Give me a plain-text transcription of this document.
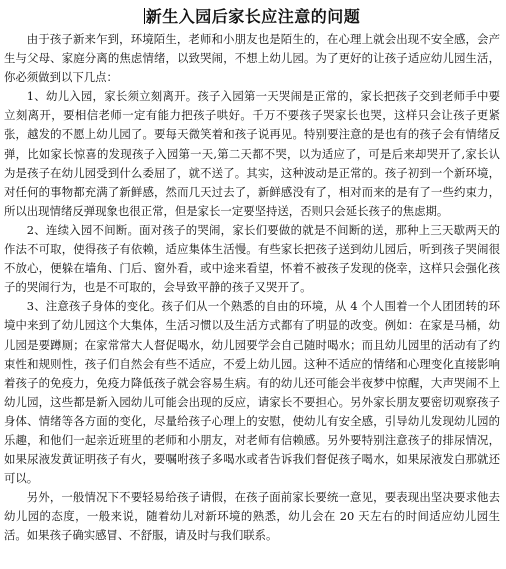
新生入园后家长应注意的问题

由于孩子新来乍到，环境陌生，老师和小朋友也是陌生的，在心理上就会出现不安全感，会产生与父母、家庭分离的焦虑情绪，以致哭闹，不想上幼儿园。为了更好的让孩子适应幼儿园生活，你必须做到以下几点：

1、幼儿入园，家长须立刻离开。孩子入园第一天哭闹是正常的，家长把孩子交到老师手中要立刻离开，要相信老师一定有能力把孩子哄好。千万不要孩子哭家长也哭，这样只会让孩子更紧张，越发的不愿上幼儿园了。要每天微笑着和孩子说再见。特别要注意的是也有的孩子会有情绪反弹，比如家长惊喜的发现孩子入园第一天,第二天都不哭，以为适应了，可是后来却哭开了,家长认为是孩子在幼儿园受到什么委屈了，就不送了。其实，这种波动是正常的。孩子初到一个新环境，对任何的事物都充满了新鲜感，然而几天过去了，新鲜感没有了，相对而来的是有了一些约束力，所以出现情绪反弹现象也很正常，但是家长一定要坚持送，否则只会延长孩子的焦虑期。

2、连续入园不间断。面对孩子的哭闹，家长们要做的就是不间断的送，那种上三天歇两天的作法不可取，使得孩子有依赖，适应集体生活慢。有些家长把孩子送到幼儿园后，听到孩子哭闹很不放心，便躲在墙角、门后、窗外看，或中途来看望，怀着不被孩子发现的侥幸，这样只会强化孩子的哭闹行为，也是不可取的，会导致平静的孩子又哭开了。

3、注意孩子身体的变化。孩子们从一个熟悉的自由的环境，从 4 个人围着一个人团团转的环境中来到了幼儿园这个大集体，生活习惯以及生活方式都有了明显的改变。例如：在家是马桶，幼儿园是要蹲厕；在家常常大人督促喝水，幼儿园要学会自己随时喝水；而且幼儿园里的活动有了约束性和规则性，孩子们自然会有些不适应，不爱上幼儿园。这种不适应的情绪和心理变化直接影响着孩子的免疫力，免疫力降低孩子就会容易生病。有的幼儿还可能会半夜梦中惊醒，大声哭闹不上幼儿园，这些都是新入园幼儿可能会出现的反应，请家长不要担心。另外家长朋友要密切观察孩子身体、情绪等各方面的变化，尽量给孩子心理上的安慰，使幼儿有安全感，引导幼儿发现幼儿园的乐趣，和他们一起亲近班里的老师和小朋友，对老师有信赖感。另外要特别注意孩子的排尿情况，如果尿液发黄证明孩子有火，要嘱咐孩子多喝水或者告诉我们督促孩子喝水，如果尿液发白那就还可以。

另外，一般情况下不要轻易给孩子请假，在孩子面前家长要统一意见，要表现出坚决要求他去幼儿园的态度，一般来说，随着幼儿对新环境的熟悉，幼儿会在 20 天左右的时间适应幼儿园生活。如果孩子确实感冒、不舒服，请及时与我们联系。
